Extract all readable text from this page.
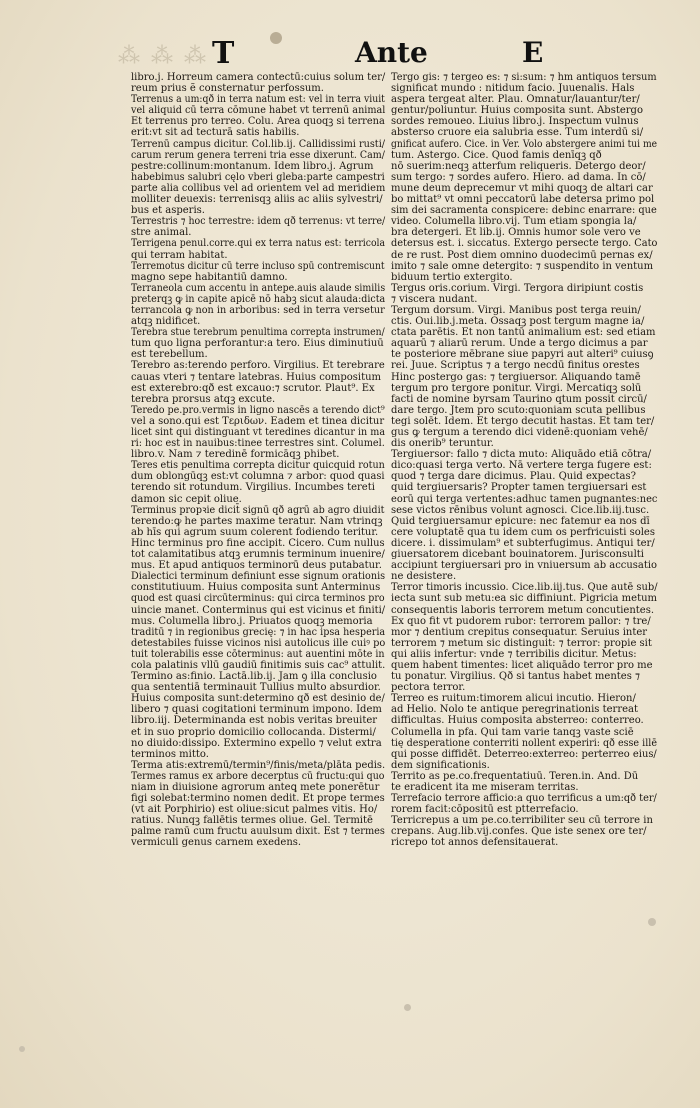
⁂ ⁂ ⁂ T	Ante	E
libro.j. Horreum camera contectū:cuius solum ter/
reum prius ẽ consternatur perfossum.
Terrenus a um:qð in terra natum est: vel in terra viuit
vel aliquid cū terra cōmune habet vt terrenū animal
Et terrenus pro terreo. Colu. Area quoqꝫ si terrena
erit:vt sit ad tecturā satis habilis.
Terrenū campus dicitur. Col.lib.ij. Callidissimi rusti/
carum rerum genera terreni tria esse dixerunt. Cam/
pestre:collinum:montanum. Idem libro.j. Agrum
habebimus salubri cęlo vberi gleba:parte campestri
parte alia collibus vel ad orientem vel ad meridiem
molliter deuexis: terrenisqꝫ aliis ac aliis sylvestri/
bus et asperis.
Terrestris ⁊ hoc terrestre: idem qð terrenus: vt terre/
stre animal.
Terrigena penul.corre.qui ex terra natus est: terricola
qui terram habitat.
Terremotus dicitur cū terre incluso spū contremiscunt
magno sepe habitantiū damno.
Terraneola cum accentu in antepe.auis alaude similis
preterqꝫ ꝙ in capite apicē nō habꝫ sicut alauda:dicta
terrancola ꝙ non in arboribus: sed in terra versetur
atqꝫ nidificet.
Terebra stue terebrum penultima correpta instrumen/
tum quo ligna perforantur:a tero. Eius diminutiuū
est terebellum.
Terebro as:terendo perforo. Virgilius. Et terebrare
cauas vteri ⁊ tentare latebras. Huius compositum
est exterebro:qð est excauo:⁊ scrutor. Plaut⁹. Ex
terebra prorsus atqꝫ excute.
Teredo pe.pro.vermis in ligno nascēs a terendo dict⁹
vel a sono.qui est Τεριδων. Eadem et tinea dicitur
licet sint qui distinguant vt teredines dicantur in ma
ri: hoc est in nauibus:tinee terrestres sint. Columel.
libro.v. Nam ⁊ teredinē formicāqꝫ phibet.
Teres etis penultima correpta dicitur quicquid rotun
dum oblongūqꝫ est:vt columna ⁊ arbor: quod quasi
terendo sit rotundum. Virgilius. Incumbes tereti
damon sic cepit oliue.
Terminus propꝛie dicit̄ signū qð agrū ab agro diuidit
terendo:ꝙ he partes maxime teratur. Nam vtrinqꝫ
ab hīs qui agrum suum colerent fodiendo teritur.
Hinc terminus pro fine accipit. Cicero. Cum nullus
tot calamitatibus atqꝫ erumnis terminum inuenire/
mus. Et apud antiquos terminorū deus putabatur.
Dialectici terminum definiunt esse signum orationis
constitutiuum. Huius composita sunt Anterminus
quod est quasi circūterminus: qui circa terminos pro
uincie manet. Conterminus qui est vicinus et finiti/
mus. Columella libro.j. Priuatos quoqꝫ memoria
traditū ⁊ in regionibus grecię: ⁊ in hac ipsa hesperia
detestabiles fuisse vicinos nisi autolicus ille cuiꝰ po
tuit tolerabilis esse cōterminus: aut auentini mōte in
cola palatinis vllū gaudiū finitimis suis cac⁹ attulit.
Termino as:finio. Lactā.lib.ij. Jam ꝯ illa conclusio
qua sententiā terminauit Tullius multo absurdior.
Huius composita sunt:determino qð est desinio de/
libero ⁊ quasi cogitationi terminum impono. Idem
libro.iij. Determinanda est nobis veritas breuiter
et in suo proprio domicilio collocanda. Distermi/
no diuido:dissipo. Extermino expello ⁊ velut extra
terminos mitto.
Terma atis:extremū/termin⁹/finis/meta/plāta pedis.
Termes ramus ex arbore decerptus cū fructu:qui quo
niam in diuisione agrorum anteꝗ mete ponerētur
figi solebat:termino nomen dedit. Et prope termes
(vt ait Porphirio) est oliue:sicut palmes vitis. Ho/
ratius. Nunqꝫ fallētis termes oliue. Gel. Termitē
palme ramū cum fructu auulsum dixit. Est ⁊ termes
vermiculi genus carnem exedens.
Tergo gis: ⁊ tergeo es: ⁊ si:sum: ⁊ hm antiquos tersum
significat mundo : nitidum facio. Juuenalis. Hals
aspera tergeat alter. Plau. Omnatur/lauantur/ter/
gentur/poliuntur. Huius composita sunt. Abstergo
sordes remoueo. Liuius libro.j. Inspectum vulnus
absterso cruore eia salubria esse. Tum interdū si/
gnificat aufero. Cice. in Ver. Volo abstergere animi tui me
tum. Astergo. Cice. Quod famis denīqꝫ qð
nō suerim:neqꝫ atterfum reliqueris. Detergo deor/
sum tergo: ⁊ sordes aufero. Hiero. ad dama. In cō/
mune deum deprecemur vt mihi quoqꝫ de altari car
bo mittat⁹ vt omni peccatorū labe detersa primo pol
sim dei sacramenta conspicere: debinc enarrare: que
video. Columella libro.vij. Tum etiam spongia la/
bra detergeri. Et lib.ij. Omnis humor sole vero ve
detersus est. i. siccatus. Extergo persecte tergo. Cato
de re rust. Post diem omnino duodecimū pernas ex/
imito ⁊ sale omne detergito: ⁊ suspendito in ventum
biduum tertio extergito.
Tergus oris.corium. Virgi. Tergora diripiunt costis
⁊ viscera nudant.
Tergum dorsum. Virgi. Manibus post terga reuin/
ctis. Oui.lib.j.meta. Ossaqꝫ post tergum magne ia/
ctata parētis. Et non tantū animalium est: sed etiam
aquarū ⁊ aliarū rerum. Unde a tergo dicimus a par
te posteriore mēbrane siue papyri aut alteri⁹ cuiusꝯ
rei. Juue. Scriptus ⁊ a tergo necdū finitus orestes
Hinc postergo gas: ⁊ tergiuersor. Aliquando tamē
tergum pro tergore ponitur. Virgi. Mercatiqꝫ solū
facti de nomine byrsam Taurino qtum possit circū/
dare tergo. Jtem pro scuto:quoniam scuta pellibus
tegi solēt. Idem. Et tergo decutit hastas. Et tam ter/
gus ꝙ tergum a terendo dici videnē:quoniam vehē/
dis onerib⁹ teruntur.
Tergiuersor: fallo ⁊ dicta muto: Aliquādo etiā cōtra/
dico:quasi terga verto. Nā vertere terga fugere est:
quod ⁊ terga dare dicimus. Plau. Quid expectas?
quid tergiuersaris? Propter tamen tergiuersari est
eorū qui terga vertentes:adhuc tamen pugnantes:nec
sese victos rēnibus volunt agnosci. Cice.lib.iij.tusc.
Quid tergiuersamur epicure: nec fatemur ea nos dī
cere voluptatē qua tu idem cum os perfricuisti soles
dicere. i. dissimulam⁹ et subterfugimus. Antiqui ter/
giuersatorem dicebant bouinatorem. Jurisconsulti
accipiunt tergiuersari pro in vniuersum ab accusatio
ne desistere.
Terror timoris incussio. Cice.lib.iij.tus. Que autē sub/
iecta sunt sub metu:ea sic diffiniunt. Pigricia metum
consequentis laboris terrorem metum concutientes.
Ex quo fit vt pudorem rubor: terrorem pallor: ⁊ tre/
mor ⁊ dentium crepitus consequatur. Seruius inter
terrorem ⁊ metum sic distinguit: ⁊ terror: propie sit
qui aliis infertur: vnde ⁊ terribilis dicitur. Metus:
quem habent timentes: licet aliquādo terror pro me
tu ponatur. Virgilius. Qð si tantus habet mentes ⁊
pectora terror.
Terreo es ruitum:timorem alicui incutio. Hieron/
ad Helio. Nolo te antique peregrinationis terreat
difficultas. Huius composita absterreo: conterreo.
Columella in pfa. Qui tam varie tanqꝫ vaste sciē
tię desperatione conterriti nollent experiri: qð esse illē
qui posse diffidēt. Deterreo:exterreo: perterreo eius/
dem significationis.
Territo as pe.co.frequentatiuū. Teren.in. And. Dū
te eradicent ita me miseram territas.
Terrefacio terrore afficio:a quo terrificus a um:qð ter/
rorem facit:cōpositū est ptterrefacio.
Terricrepus a um pe.co.terribiliter seu cū terrore in
crepans. Aug.lib.vij.confes. Que iste senex ore ter/
ricrepo tot annos defensitauerat.
